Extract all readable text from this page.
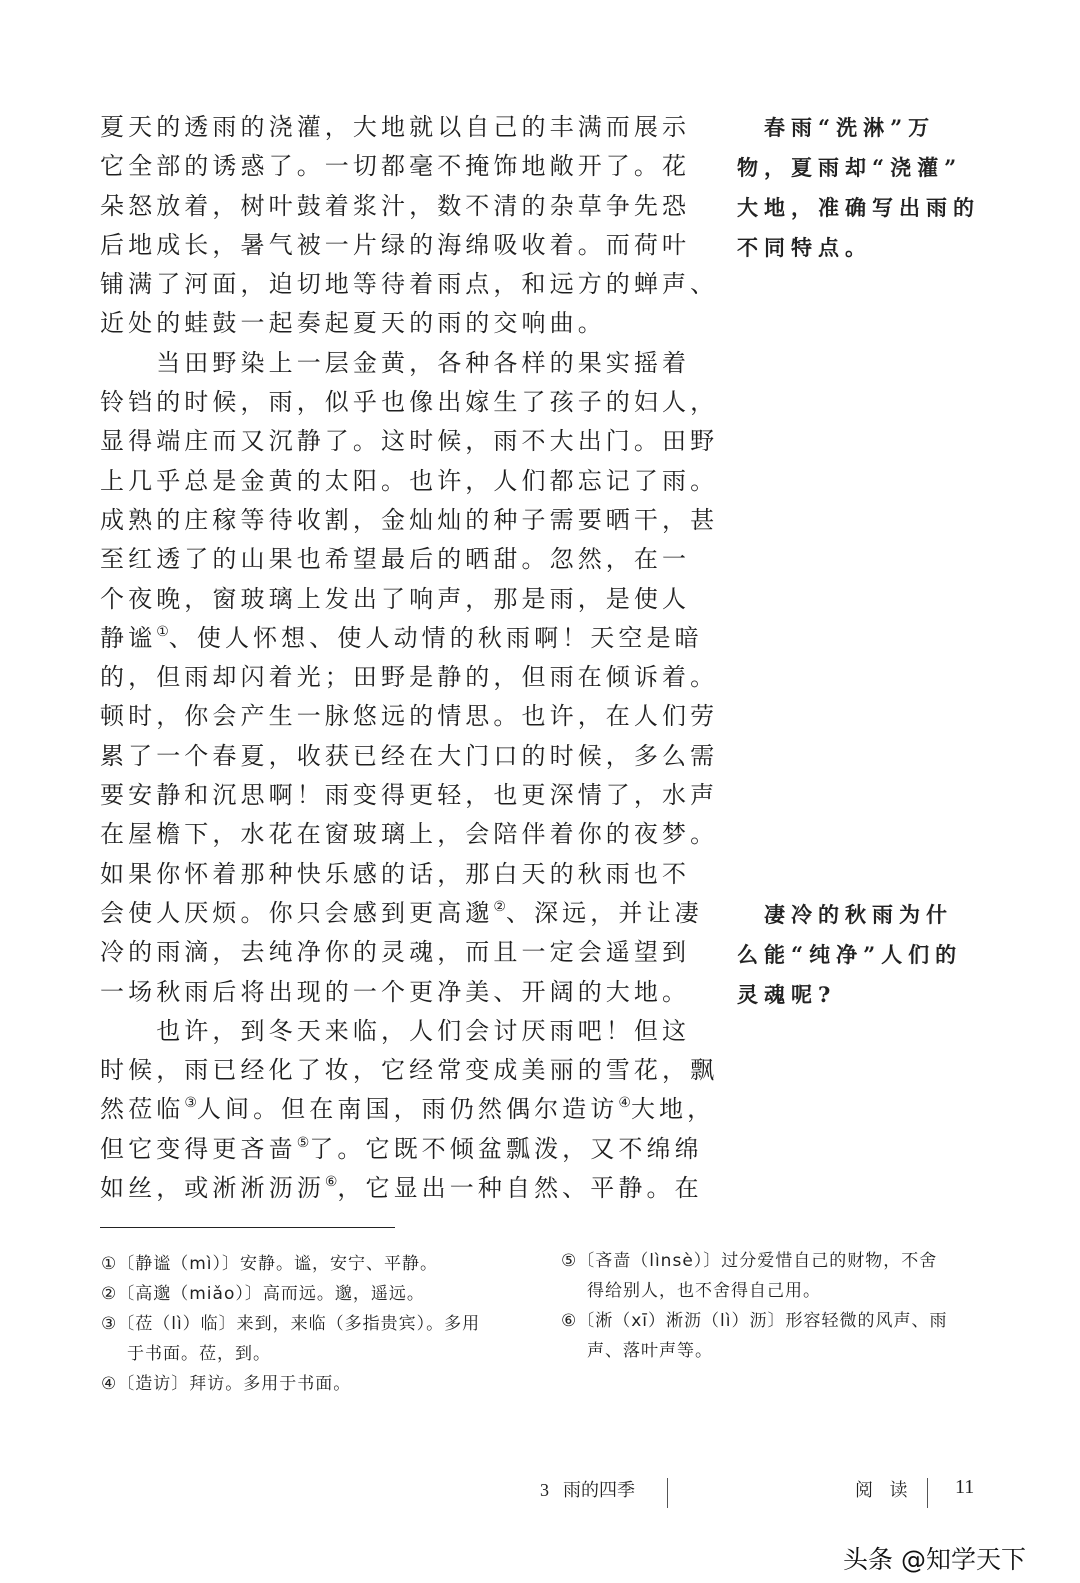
夏天的透雨的浇灌，大地就以自己的丰满而展示
它全部的诱惑了。一切都毫不掩饰地敞开了。花
朵怒放着，树叶鼓着浆汁，数不清的杂草争先恐
后地成长，暑气被一片绿的海绵吸收着。而荷叶
铺满了河面，迫切地等待着雨点，和远方的蝉声、
近处的蛙鼓一起奏起夏天的雨的交响曲。
　　当田野染上一层金黄，各种各样的果实摇着
铃铛的时候，雨，似乎也像出嫁生了孩子的妇人，
显得端庄而又沉静了。这时候，雨不大出门。田野
上几乎总是金黄的太阳。也许，人们都忘记了雨。
成熟的庄稼等待收割，金灿灿的种子需要晒干，甚
至红透了的山果也希望最后的晒甜。忽然，在一
个夜晚，窗玻璃上发出了响声，那是雨，是使人
静谧①、使人怀想、使人动情的秋雨啊！天空是暗
的，但雨却闪着光；田野是静的，但雨在倾诉着。
顿时，你会产生一脉悠远的情思。也许，在人们劳
累了一个春夏，收获已经在大门口的时候，多么需
要安静和沉思啊！雨变得更轻，也更深情了，水声
在屋檐下，水花在窗玻璃上，会陪伴着你的夜梦。
如果你怀着那种快乐感的话，那白天的秋雨也不
会使人厌烦。你只会感到更高邈②、深远，并让凄
冷的雨滴，去纯净你的灵魂，而且一定会遥望到
一场秋雨后将出现的一个更净美、开阔的大地。
　　也许，到冬天来临，人们会讨厌雨吧！但这
时候，雨已经化了妆，它经常变成美丽的雪花，飘
然莅临③人间。但在南国，雨仍然偶尔造访④大地，
但它变得更吝啬⑤了。它既不倾盆瓢泼，又不绵绵
如丝，或淅淅沥沥⑥，它显出一种自然、平静。在
　春雨“洗淋”万
物，夏雨却“浇灌”
大地，准确写出雨的
不同特点。
　凄冷的秋雨为什
么能“纯净”人们的
灵魂呢?
①〔静谧（mì）〕安静。谧，安宁、平静。
②〔高邈（miǎo）〕高而远。邈，遥远。
③〔莅（lì）临〕来到，来临（多指贵宾）。多用
于书面。莅，到。
④〔造访〕拜访。多用于书面。
⑤〔吝啬（lìnsè）〕过分爱惜自己的财物，不舍
得给别人，也不舍得自己用。
⑥〔淅（xī）淅沥（lì）沥〕形容轻微的风声、雨
声、落叶声等。
3 雨的四季	阅 读 11
头条 @知学天下
